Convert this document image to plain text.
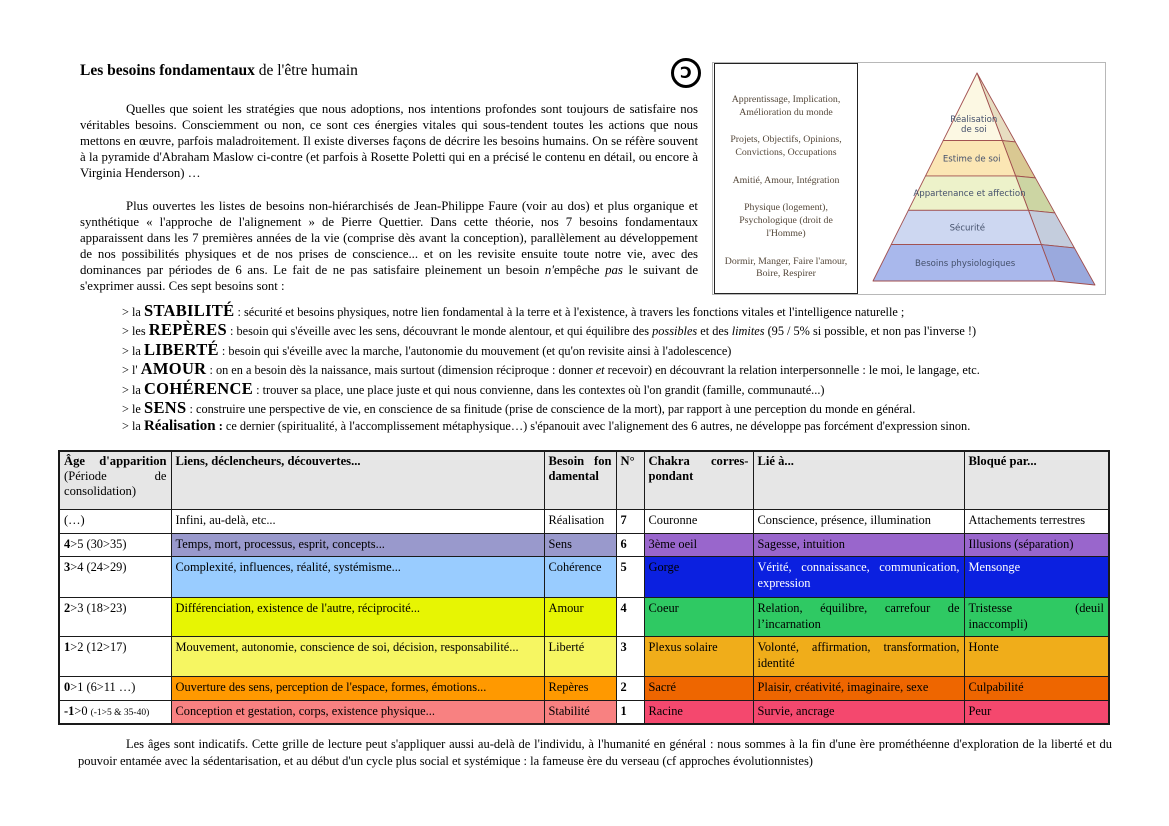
Les besoins fondamentaux de l'être humain	Ɔ
Apprentissage, Implication, Amélioration du monde
Projets, Objectifs, Opinions, Convictions, Occupations
Amitié, Amour, Intégration
Physique (logement), Psychologique (droit de l'Homme)
Dormir, Manger, Faire l'amour, Boire, Respirer
Réalisation
de soi
Estime de soi
Appartenance et affection
Sécurité
Besoins physiologiques
Quelles que soient les stratégies que nous adoptions, nos intentions profondes sont toujours de satisfaire nos véritables besoins. Consciemment ou non, ce sont ces énergies vitales qui sous-tendent toutes les actions que nous mettons en œuvre, parfois maladroitement. Il existe diverses façons de décrire les besoins humains. On se réfère souvent à la pyramide d'Abraham Maslow ci-contre (et parfois à Rosette Poletti qui en a précisé le contenu en détail, ou encore à Virginia Henderson) …
Plus ouvertes les listes de besoins non-hiérarchisés de Jean-Philippe Faure (voir au dos) et plus organique et synthétique « l'approche de l'alignement » de Pierre Quettier. Dans cette théorie, nos 7 besoins fondamentaux apparaissent dans les 7 premières années de la vie (comprise dès avant la conception), parallèlement au développement de nos possibilités physiques et de nos prises de conscience... et on les revisite ensuite toute notre vie, avec des dominances par périodes de 6 ans. Le fait de ne pas satisfaire pleinement un besoin n'empêche pas le suivant de s'exprimer aussi. Ces sept besoins sont :
> la STABILITÉ : sécurité et besoins physiques, notre lien fondamental à la terre et à l'existence, à travers les fonctions vitales et l'intelligence naturelle ;
> les REPÈRES : besoin qui s'éveille avec les sens, découvrant le monde alentour, et qui équilibre des possibles et des limites (95 / 5% si possible, et non pas l'inverse !)
> la LIBERTÉ : besoin qui s'éveille avec la marche, l'autonomie du mouvement (et qu'on revisite ainsi à l'adolescence)
> l' AMOUR : on en a besoin dès la naissance, mais surtout (dimension réciproque : donner et recevoir) en découvrant la relation interpersonnelle : le moi, le langage, etc.
> la COHÉRENCE : trouver sa place, une place juste et qui nous convienne, dans les contextes où l'on grandit (famille, communauté...)
> le SENS : construire une perspective de vie, en conscience de sa finitude (prise de conscience de la mort), par rapport à une perception du monde en général.
> la Réalisation : ce dernier (spiritualité, à l'accomplissement métaphysique…) s'épanouit avec l'alignement des 6 autres, ne développe pas forcément d'expression sinon.
Âge d'apparition (Période de consolidation)	Liens, déclencheurs, découvertes...	Besoin fondamental	N°	Chakra corres-pondant	Lié à...	Bloqué par...
(…)	Infini, au-delà, etc...	Réalisation	7	Couronne	Conscience, présence, illumination	Attachements terrestres
4>5 (30>35)	Temps, mort, processus, esprit, concepts...	Sens	6	3ème oeil	Sagesse, intuition	Illusions (séparation)
3>4 (24>29)	Complexité, influences, réalité, systémisme...	Cohérence	5	Gorge	Vérité, connaissance, communication, expression	Mensonge
2>3 (18>23)	Différenciation, existence de l'autre, réciprocité...	Amour	4	Coeur	Relation, équilibre, carrefour de l’incarnation	Tristesse (deuil inaccompli)
1>2 (12>17)	Mouvement, autonomie, conscience de soi, décision, responsabilité...	Liberté	3	Plexus solaire	Volonté, affirmation, transformation, identité	Honte
0>1 (6>11 …)	Ouverture des sens, perception de l'espace, formes, émotions...	Repères	2	Sacré	Plaisir, créativité, imaginaire, sexe	Culpabilité
-1>0 (-1>5 & 35-40)	Conception et gestation, corps, existence physique...	Stabilité	1	Racine	Survie, ancrage	Peur
Les âges sont indicatifs. Cette grille de lecture peut s'appliquer aussi au-delà de l'individu, à l'humanité en général : nous sommes à la fin d'une ère prométhéenne d'exploration de la liberté et du pouvoir entamée avec la sédentarisation, et au début d'un cycle plus social et systémique : la fameuse ère du verseau (cf approches évolutionnistes)
